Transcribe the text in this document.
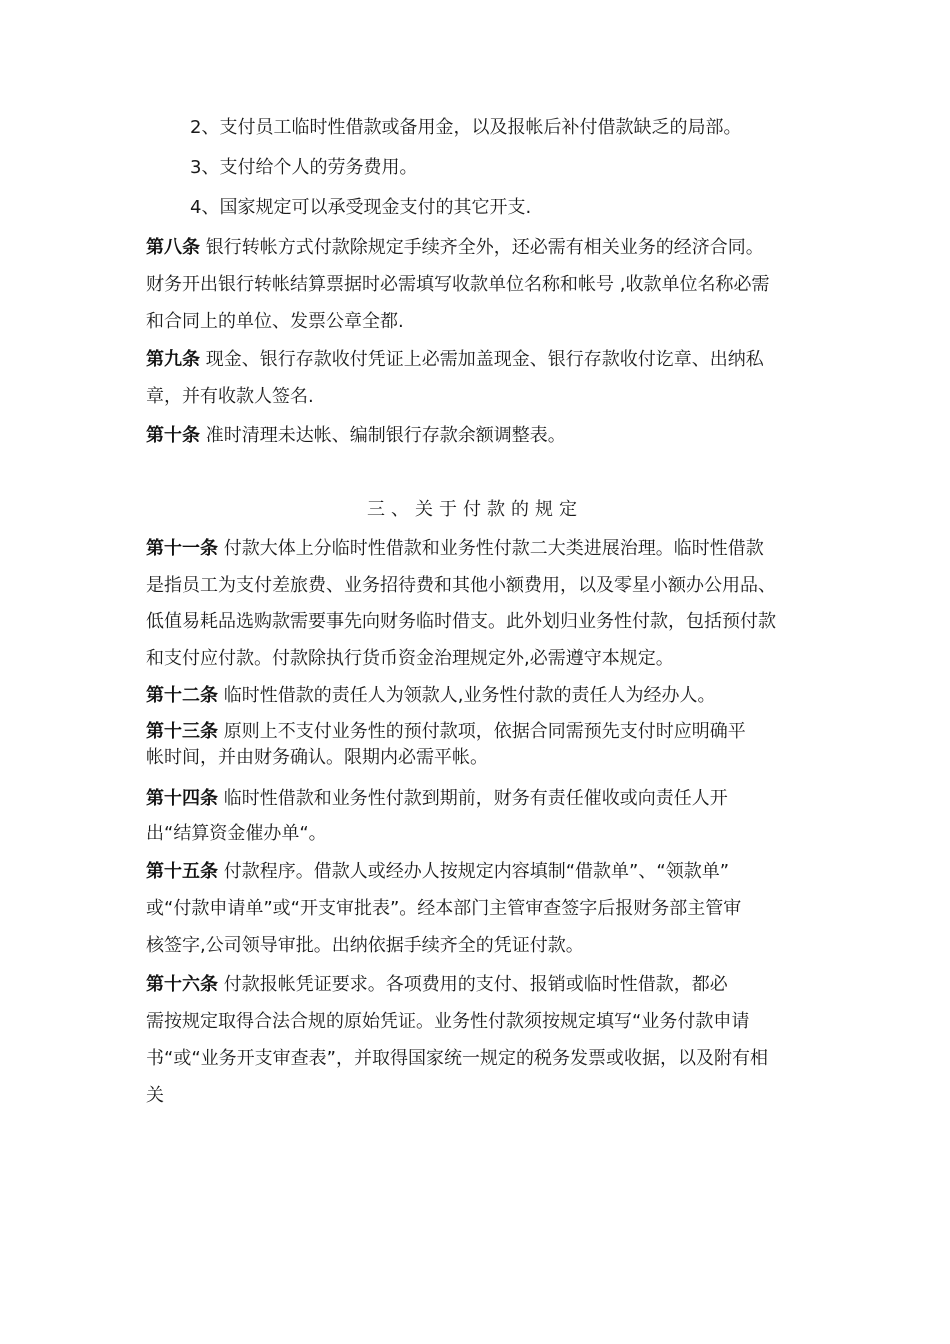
2、支付员工临时性借款或备用金，以及报帐后补付借款缺乏的局部。
3、支付给个人的劳务费用。
4、国家规定可以承受现金支付的其它开支.
第八条 银行转帐方式付款除规定手续齐全外，还必需有相关业务的经济合同。
财务开出银行转帐结算票据时必需填写收款单位名称和帐号 ,收款单位名称必需
和合同上的单位、发票公章全都.
第九条 现金、银行存款收付凭证上必需加盖现金、银行存款收付讫章、出纳私
章，并有收款人签名.
第十条 准时清理未达帐、编制银行存款余额调整表。
三、关于付款的规定
第十一条 付款大体上分临时性借款和业务性付款二大类进展治理。临时性借款
是指员工为支付差旅费、业务招待费和其他小额费用，以及零星小额办公用品、
低值易耗品选购款需要事先向财务临时借支。此外划归业务性付款，包括预付款
和支付应付款。付款除执行货币资金治理规定外,必需遵守本规定。
第十二条 临时性借款的责任人为领款人,业务性付款的责任人为经办人。
第十三条 原则上不支付业务性的预付款项，依据合同需预先支付时应明确平
帐时间，并由财务确认。限期内必需平帐。
第十四条 临时性借款和业务性付款到期前，财务有责任催收或向责任人开
出“结算资金催办单“。
第十五条 付款程序。借款人或经办人按规定内容填制“借款单”、“领款单”
或“付款申请单”或“开支审批表”。经本部门主管审查签字后报财务部主管审
核签字,公司领导审批。出纳依据手续齐全的凭证付款。
第十六条 付款报帐凭证要求。各项费用的支付、报销或临时性借款，都必
需按规定取得合法合规的原始凭证。业务性付款须按规定填写“业务付款申请
书“或“业务开支审查表”，并取得国家统一规定的税务发票或收据，以及附有相
关
